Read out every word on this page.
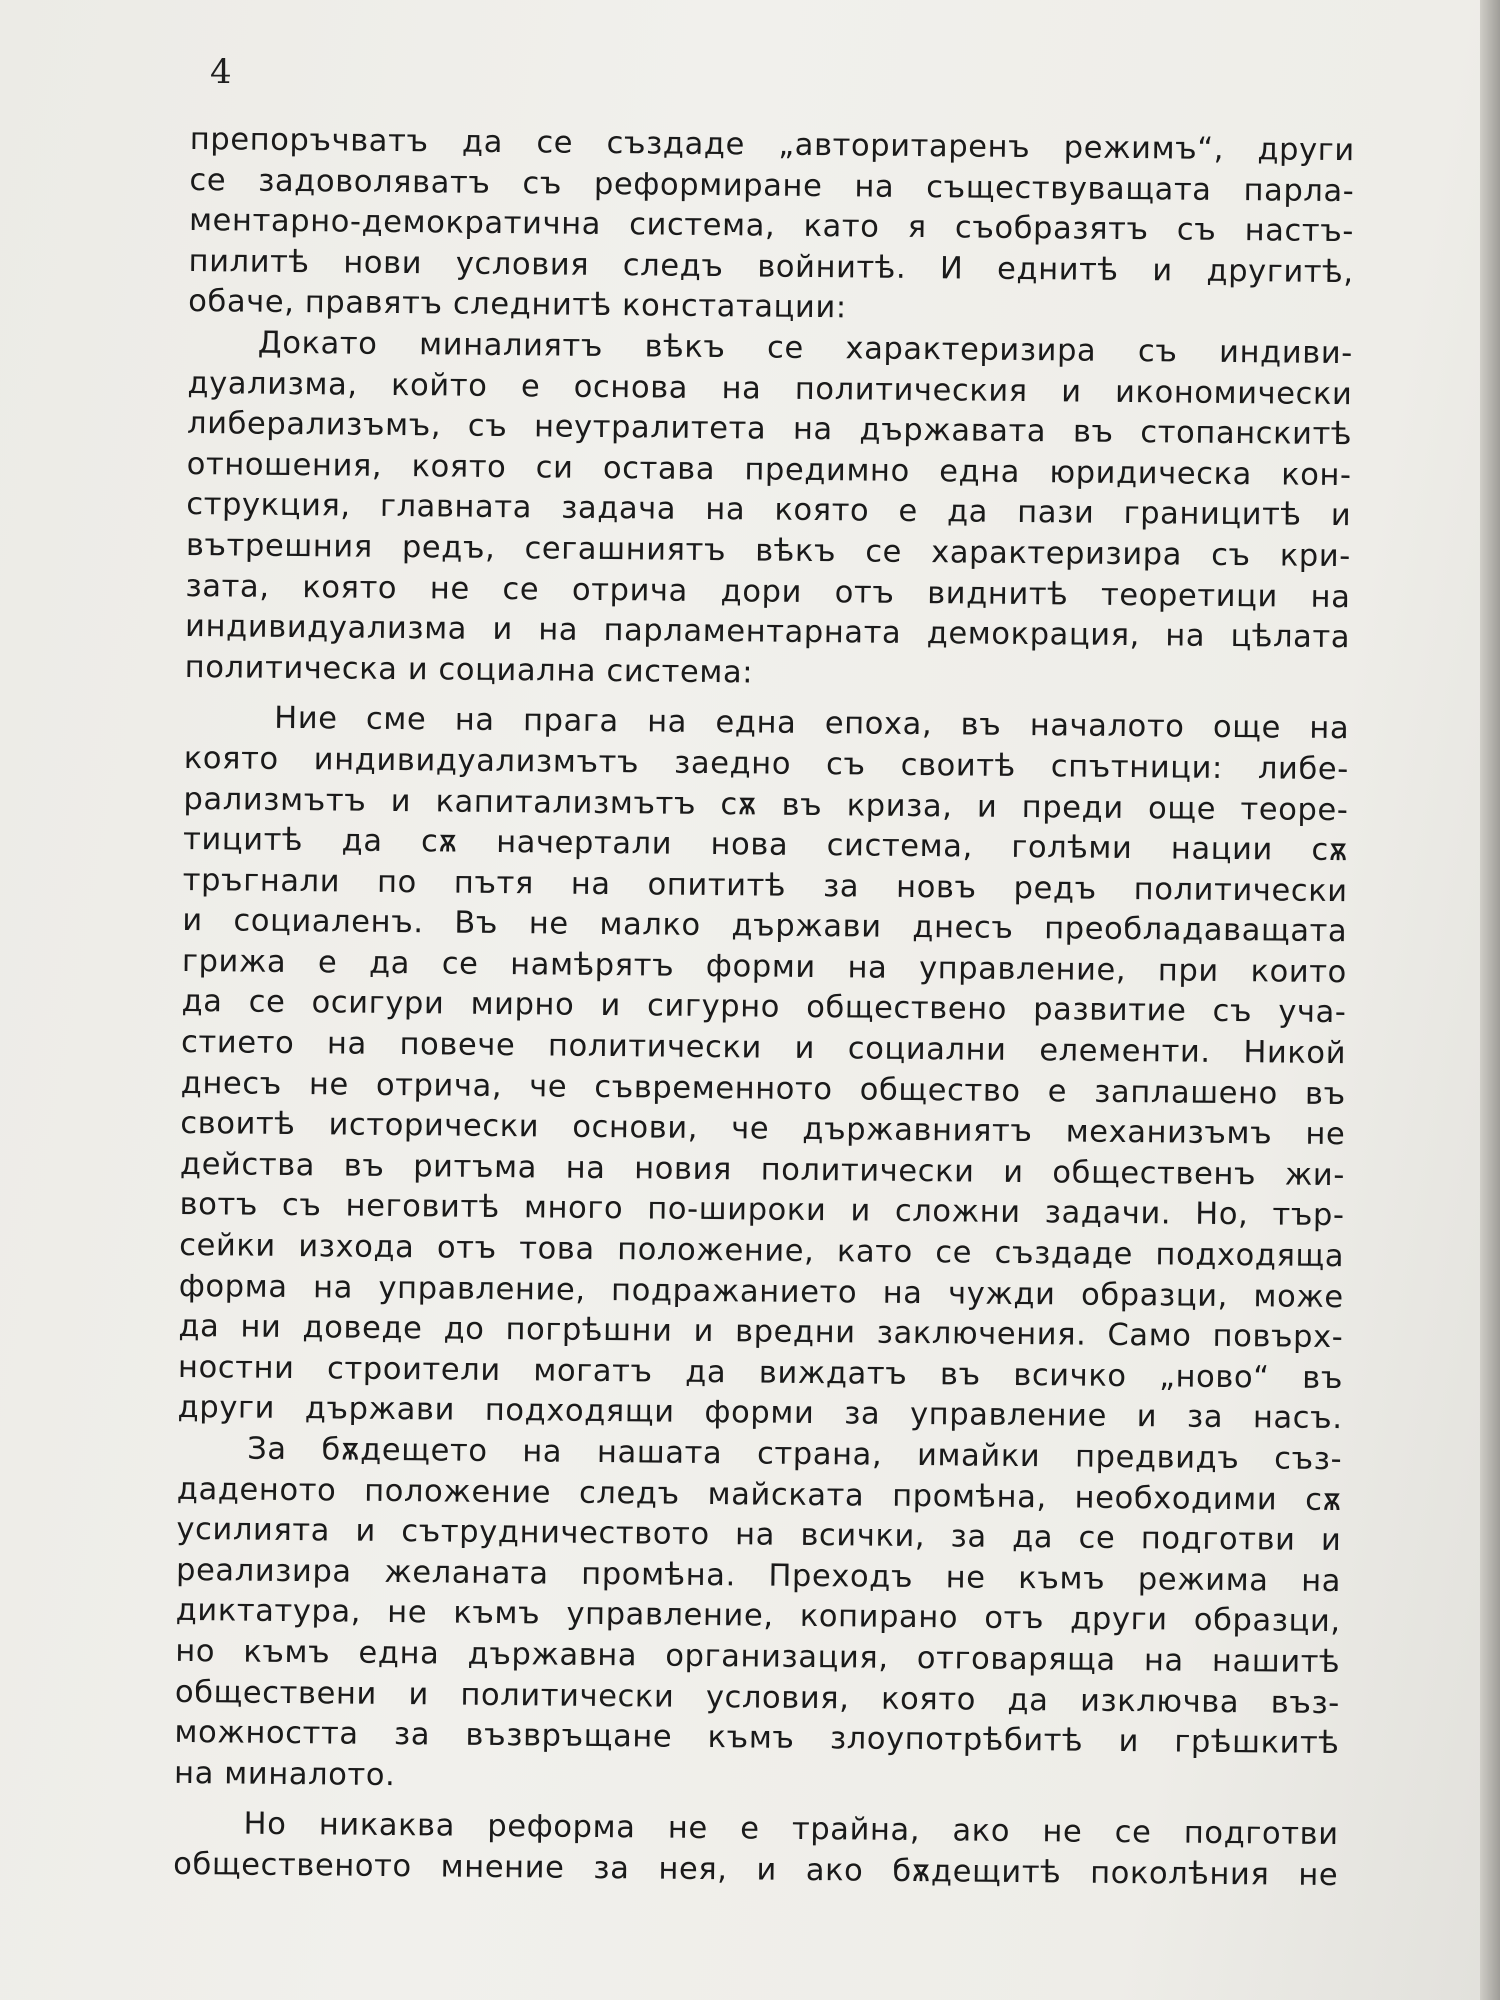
4
препоръчватъ да се създаде „авторитаренъ режимъ“, други
се задоволяватъ съ реформиране на съществуващата парла-
ментарно-демократична система, като я съобразятъ съ настъ-
пилитѣ нови условия следъ войнитѣ. И еднитѣ и другитѣ,
обаче, правятъ следнитѣ констатации:
Докато миналиятъ вѣкъ се характеризира съ индиви-
дуализма, който е основа на политическия и икономически
либерализъмъ, съ неутралитета на държавата въ стопанскитѣ
отношения, която си остава предимно една юридическа кон-
струкция, главната задача на която е да пази границитѣ и
вътрешния редъ, сегашниятъ вѣкъ се характеризира съ кри-
зата, която не се отрича дори отъ виднитѣ теоретици на
индивидуализма и на парламентарната демокрация, на цѣлата
политическа и социална система:
Ние сме на прага на една епоха, въ началото още на
която индивидуализмътъ заедно съ своитѣ спътници: либе-
рализмътъ и капитализмътъ сѫ въ криза, и преди още теоре-
тицитѣ да сѫ начертали нова система, голѣми нации сѫ
тръгнали по пътя на опититѣ за новъ редъ политически
и социаленъ. Въ не малко държави днесъ преобладаващата
грижа е да се намѣрятъ форми на управление, при които
да се осигури мирно и сигурно обществено развитие съ уча-
стието на повече политически и социални елементи. Никой
днесъ не отрича, че съвременното общество е заплашено въ
своитѣ исторически основи, че държавниятъ механизъмъ не
действа въ ритъма на новия политически и общественъ жи-
вотъ съ неговитѣ много по-широки и сложни задачи. Но, тър-
сейки изхода отъ това положение, като се създаде подходяща
форма на управление, подражанието на чужди образци, може
да ни доведе до погрѣшни и вредни заключения. Само повърх-
ностни строители могатъ да виждатъ въ всичко „ново“ въ
други държави подходящи форми за управление и за насъ.
За бѫдещето на нашата страна, имайки предвидъ съз-
даденото положение следъ майската промѣна, необходими сѫ
усилията и сътрудничеството на всички, за да се подготви и
реализира желаната промѣна. Преходъ не къмъ режима на
диктатура, не къмъ управление, копирано отъ други образци,
но къмъ една държавна организация, отговаряща на нашитѣ
обществени и политически условия, която да изключва въз-
можността за възвръщане къмъ злоупотрѣбитѣ и грѣшкитѣ
на миналото.
Но никаква реформа не е трайна, ако не се подготви
общественото мнение за нея, и ако бѫдещитѣ поколѣния не
